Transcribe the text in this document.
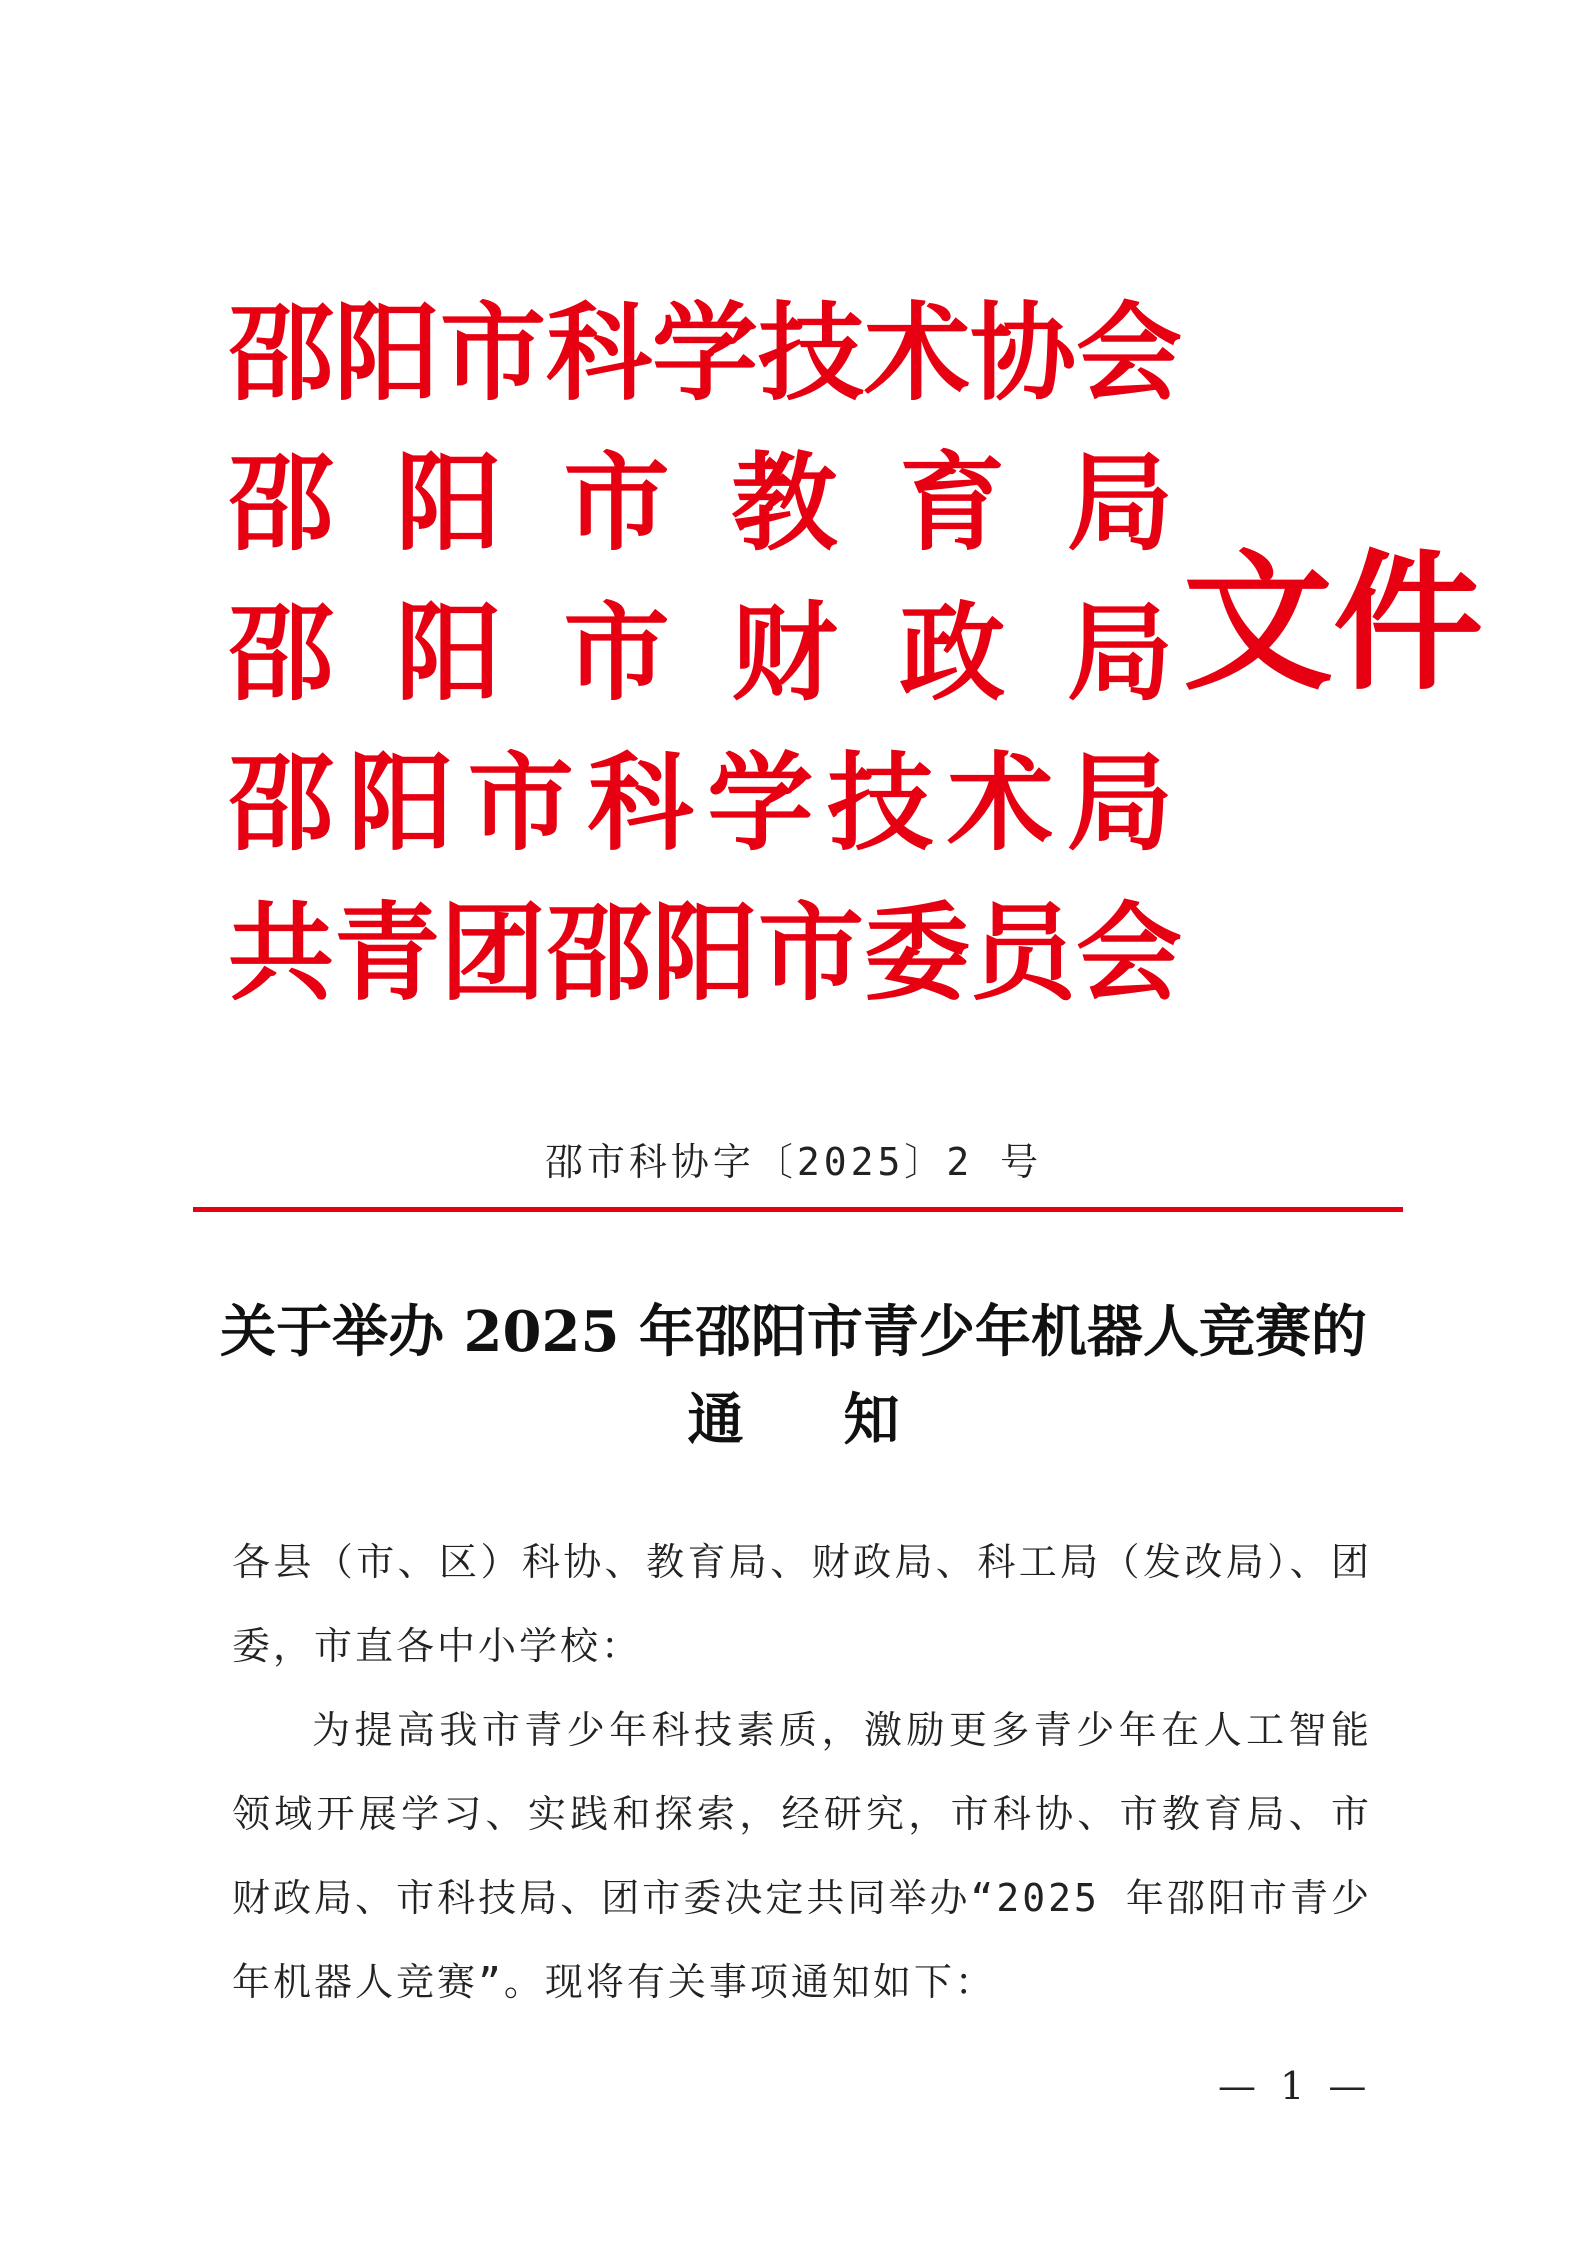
邵 阳 市 科 学 技 术 协 会
邵 阳 市 教 育 局
邵 阳 市 财 政 局
邵 阳 市 科 学 技 术 局
共 青 团 邵 阳 市 委 员 会
文件
邵市科协字〔2025〕2 号
关于举办 2025 年邵阳市青少年机器人竞赛的
通知

各县（市、区）科协、教育局、财政局、科工局（发改局）、团委，市直各中小学校：

为提高我市青少年科技素质，激励更多青少年在人工智能领域开展学习、实践和探索，经研究，市科协、市教育局、市财政局、市科技局、团市委决定共同举办“2025 年邵阳市青少年机器人竞赛”。现将有关事项通知如下：

— 1 —
